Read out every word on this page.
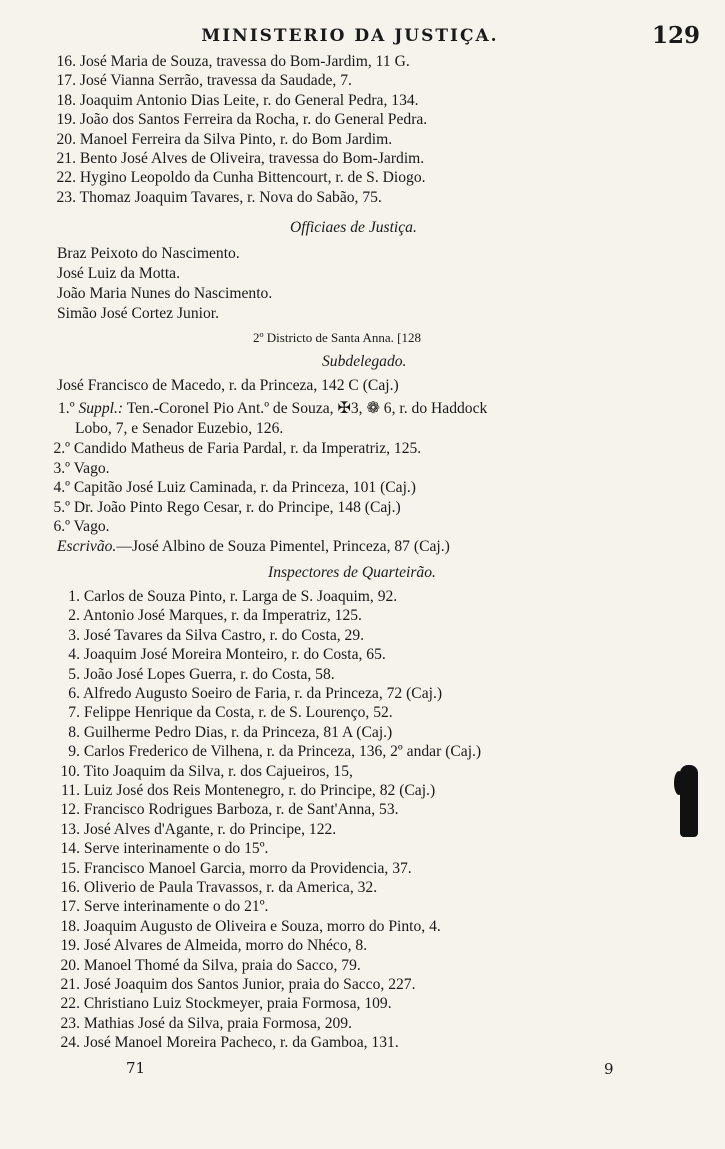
MINISTERIO DA JUSTIÇA.	129
16. José Maria de Souza, travessa do Bom-Jardim, 11 G.
17. José Vianna Serrão, travessa da Saudade, 7.
18. Joaquim Antonio Dias Leite, r. do General Pedra, 134.
19. João dos Santos Ferreira da Rocha, r. do General Pedra.
20. Manoel Ferreira da Silva Pinto, r. do Bom Jardim.
21. Bento José Alves de Oliveira, travessa do Bom-Jardim.
22. Hygino Leopoldo da Cunha Bittencourt, r. de S. Diogo.
23. Thomaz Joaquim Tavares, r. Nova do Sabão, 75.
Officiaes de Justiça.
Braz Peixoto do Nascimento.
José Luiz da Motta.
João Maria Nunes do Nascimento.
Simão José Cortez Junior.
2º Districto de Santa Anna. [128
Subdelegado.
José Francisco de Macedo, r. da Princeza, 142 C (Caj.)
1.º Suppl.: Ten.-Coronel Pio Ant.º de Souza, ✠3, ❁ 6, r. do Haddock
Lobo, 7, e Senador Euzebio, 126.
2.º Candido Matheus de Faria Pardal, r. da Imperatriz, 125.
3.º Vago.
4.º Capitão José Luiz Caminada, r. da Princeza, 101 (Caj.)
5.º Dr. João Pinto Rego Cesar, r. do Principe, 148 (Caj.)
6.º Vago.
Escrivão.—José Albino de Souza Pimentel, Princeza, 87 (Caj.)
Inspectores de Quarteirão.
1. Carlos de Souza Pinto, r. Larga de S. Joaquim, 92.
2. Antonio José Marques, r. da Imperatriz, 125.
3. José Tavares da Silva Castro, r. do Costa, 29.
4. Joaquim José Moreira Monteiro, r. do Costa, 65.
5. João José Lopes Guerra, r. do Costa, 58.
6. Alfredo Augusto Soeiro de Faria, r. da Princeza, 72 (Caj.)
7. Felippe Henrique da Costa, r. de S. Lourenço, 52.
8. Guilherme Pedro Dias, r. da Princeza, 81 A (Caj.)
9. Carlos Frederico de Vilhena, r. da Princeza, 136, 2º andar (Caj.)
10. Tito Joaquim da Silva, r. dos Cajueiros, 15,
11. Luiz José dos Reis Montenegro, r. do Principe, 82 (Caj.)
12. Francisco Rodrigues Barboza, r. de Sant'Anna, 53.
13. José Alves d'Agante, r. do Principe, 122.
14. Serve interinamente o do 15º.
15. Francisco Manoel Garcia, morro da Providencia, 37.
16. Oliverio de Paula Travassos, r. da America, 32.
17. Serve interinamente o do 21º.
18. Joaquim Augusto de Oliveira e Souza, morro do Pinto, 4.
19. José Alvares de Almeida, morro do Nhéco, 8.
20. Manoel Thomé da Silva, praia do Sacco, 79.
21. José Joaquim dos Santos Junior, praia do Sacco, 227.
22. Christiano Luiz Stockmeyer, praia Formosa, 109.
23. Mathias José da Silva, praia Formosa, 209.
24. José Manoel Moreira Pacheco, r. da Gamboa, 131.
71	9
